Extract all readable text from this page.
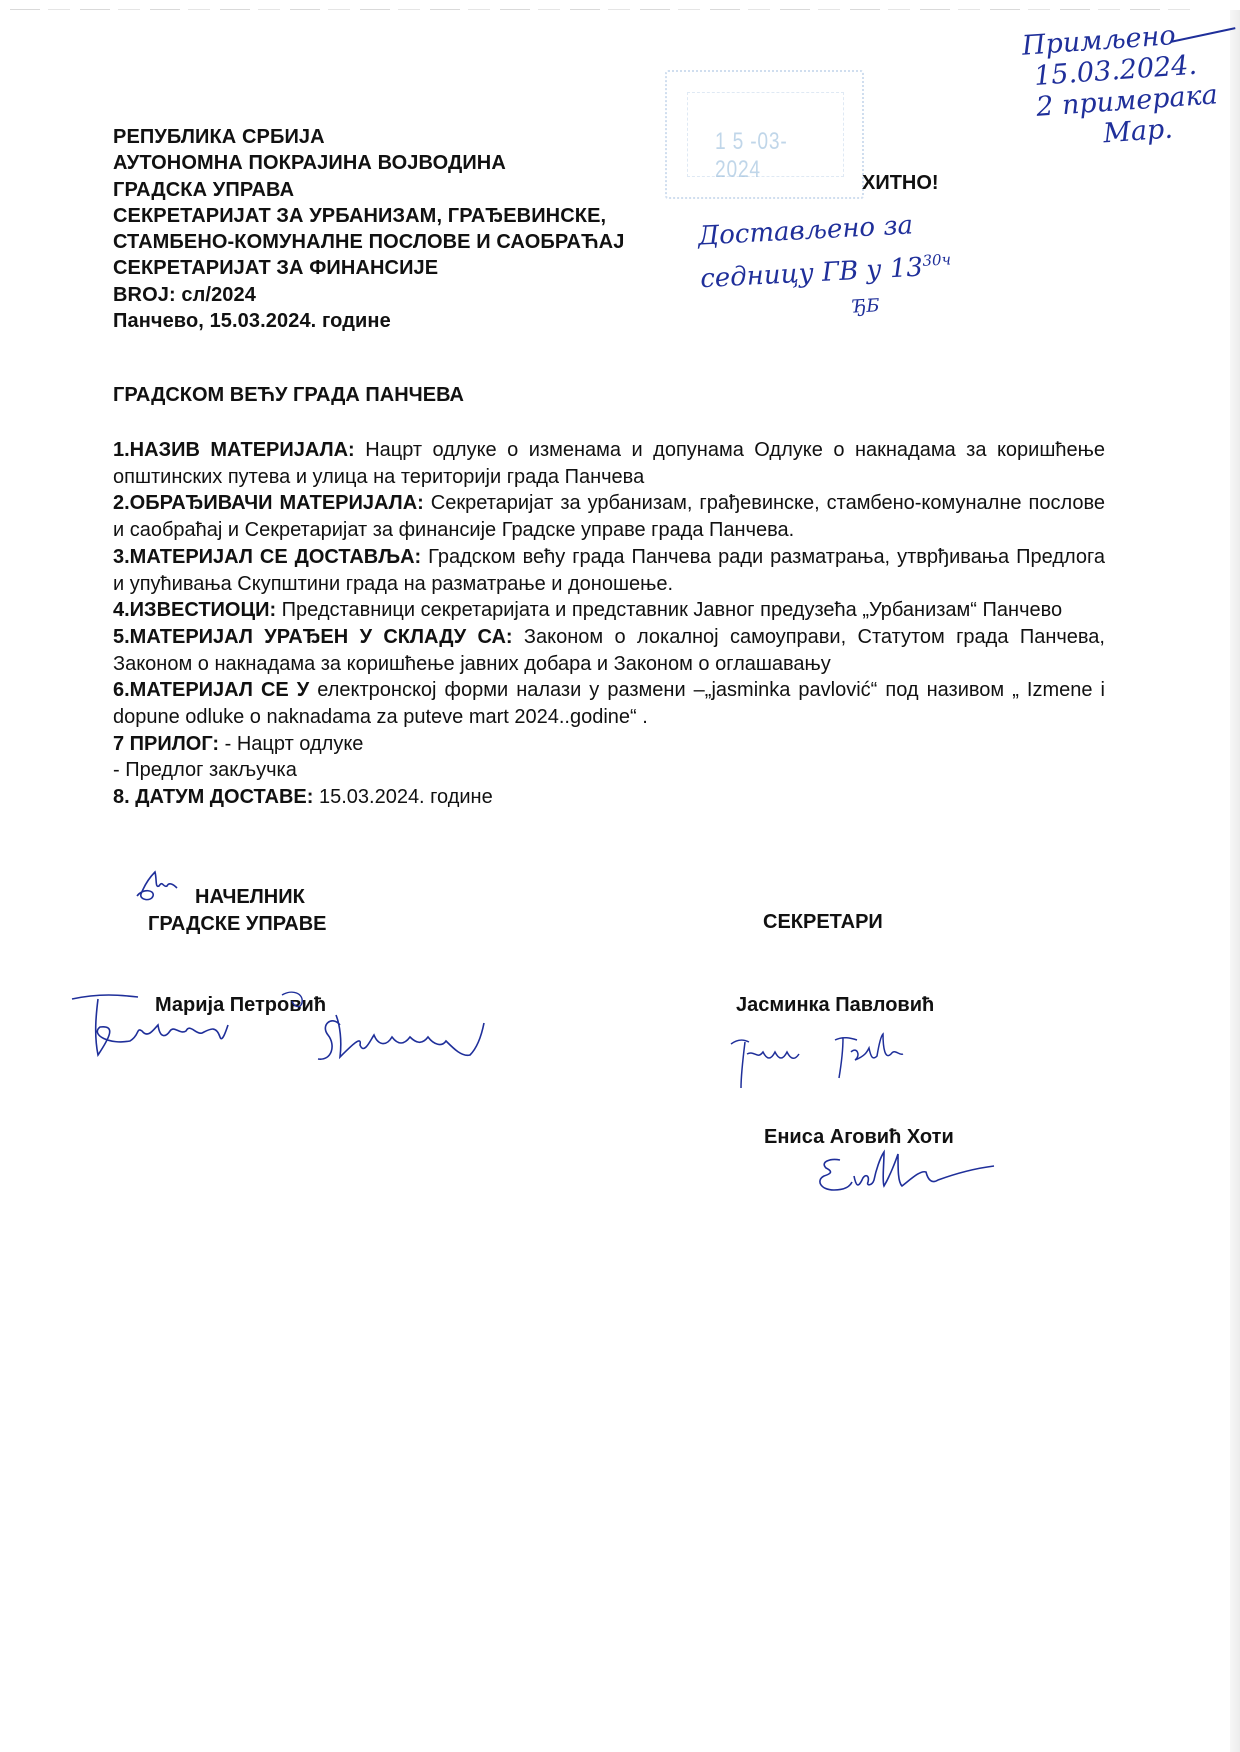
РЕПУБЛИКА СРБИЈА
АУТОНОМНА ПОКРАЈИНА ВОЈВОДИНА
ГРАДСКА УПРАВА
СЕКРЕТАРИЈАТ ЗА УРБАНИЗАМ, ГРАЂЕВИНСКЕ,
СТАМБЕНО-КОМУНАЛНЕ ПОСЛОВЕ И САОБРАЋАЈ
СЕКРЕТАРИЈАТ ЗА ФИНАНСИЈЕ
BROJ: сл/2024
Панчево, 15.03.2024. године
1 5 -03- 2024	ХИТНО!
Примљено
15.03.2024.
2 примерака
Мар.
Достављено за
седницу ГВ у $13^{30ч}$
ЂБ
ГРАДСКОМ ВЕЋУ ГРАДА ПАНЧЕВА
1.НАЗИВ МАТЕРИЈАЛА: Нацрт одлуке о изменама и допунама Одлуке о накнадама за коришћење општинских путева и улица на територији града Панчева
2.ОБРАЂИВАЧИ МАТЕРИЈАЛА: Секретаријат за урбанизам, грађевинске, стамбено-комуналне послове и саобраћај и Секретаријат за финансије Градске управе града Панчева.
3.МАТЕРИЈАЛ СЕ ДОСТАВЉА: Градском већу града Панчева ради разматрања, утврђивања Предлога и упућивања Скупштини града на разматрање и доношење.
4.ИЗВЕСТИОЦИ: Представници секретаријата и представник Јавног предузећа „Урбанизам“ Панчево
5.МАТЕРИЈАЛ УРАЂЕН У СКЛАДУ СА: Законом о локалној самоуправи, Статутом града Панчева, Законом о накнадама за коришћење јавних добара и Законом о оглашавању
6.МАТЕРИЈАЛ СЕ У електронској форми налази у размени –„jasminka pavlović“ под називом „ Izmene i dopune odluke o naknadama za puteve mart 2024..godine“ .
7 ПРИЛОГ: - Нацрт одлуке
- Предлог закључка
8. ДАТУМ ДОСТАВЕ: 15.03.2024. године
НАЧЕЛНИК
ГРАДСКЕ УПРАВЕ
Марија Петровић
СЕКРЕТАРИ
Јасминка Павловић
Ениса Аговић Хоти
